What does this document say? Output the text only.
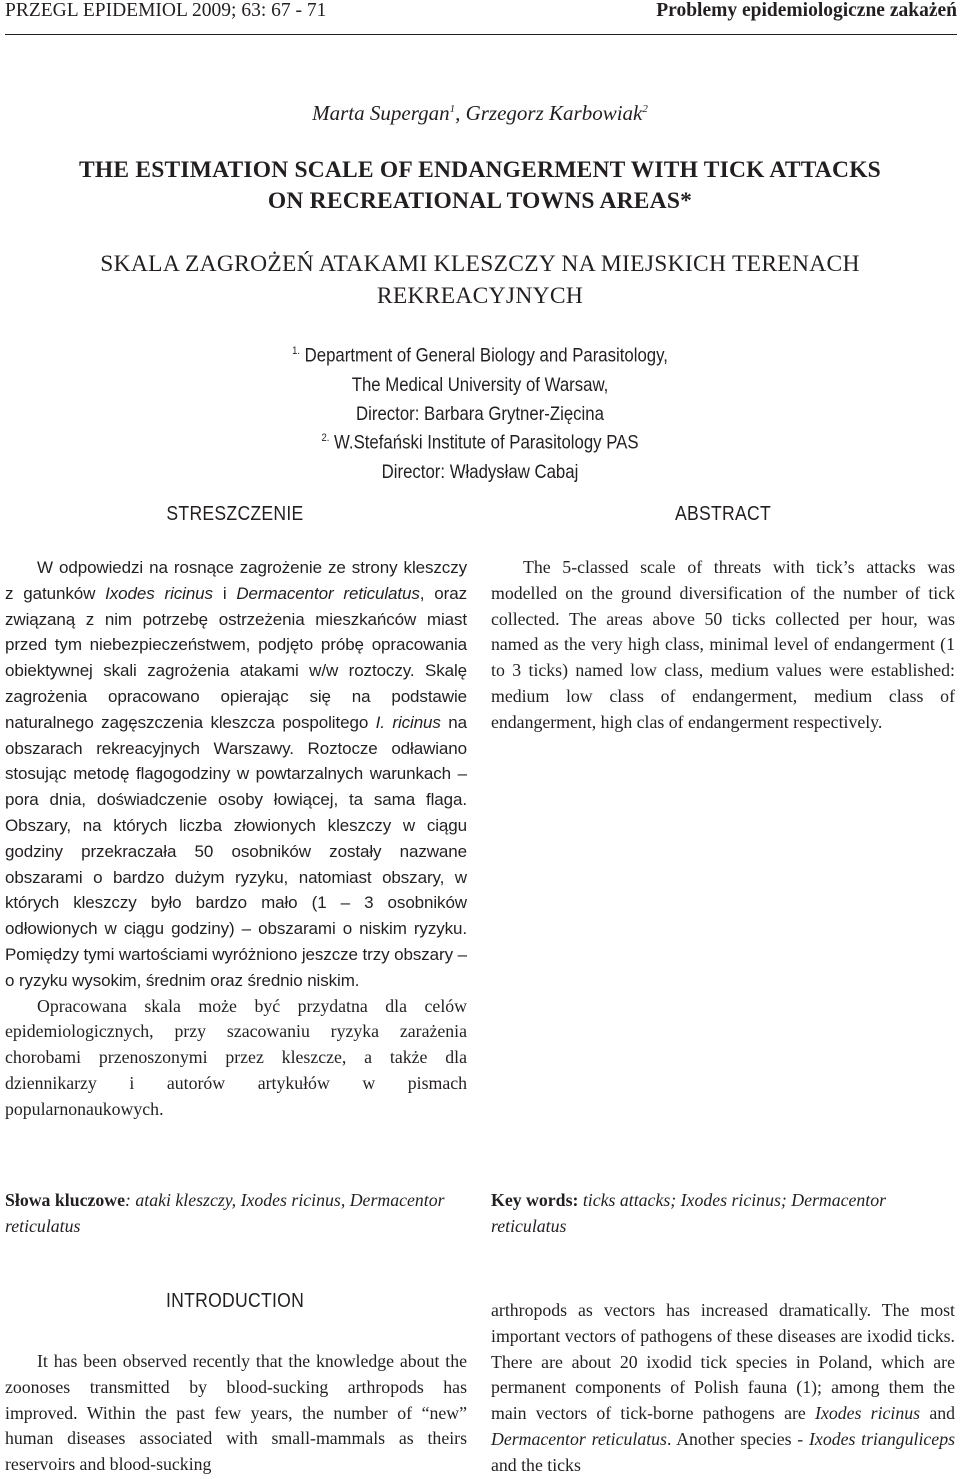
PRZEGL EPIDEMIOL 2009; 63: 67 - 71	Problemy epidemiologiczne zakażeń
Marta Supergan$^1$, Grzegorz Karbowiak$^2$
THE ESTIMATION SCALE OF ENDANGERMENT WITH TICK ATTACKS
ON RECREATIONAL TOWNS AREAS*
SKALA ZAGROŻEŃ ATAKAMI KLESZCZY NA MIEJSKICH TERENACH
REKREACYJNYCH
$^{1.}$ Department of General Biology and Parasitology,
The Medical University of Warsaw,
Director: Barbara Grytner-Zięcina
$^{2.}$ W.Stefański Institute of Parasitology PAS
Director: Władysław Cabaj
STRESZCZENIE	ABSTRACT

W odpowiedzi na rosnące zagrożenie ze strony kleszczy z gatunków Ixodes ricinus i Dermacentor reticulatus, oraz związaną z nim potrzebę ostrzeżenia mieszkańców miast przed tym niebezpieczeństwem, podjęto próbę opracowania obiektywnej skali zagrożenia atakami w/w roztoczy. Skalę zagrożenia opracowano opierając się na podstawie naturalnego zagęszczenia kleszcza pospolitego I. ricinus na obszarach rekreacyjnych Warszawy. Roztocze odławiano stosując metodę flagogodziny w powtarzalnych warunkach – pora dnia, doświadczenie osoby łowiącej, ta sama flaga. Obszary, na których liczba złowionych kleszczy w ciągu godziny przekraczała 50 osobników zostały nazwane obszarami o bardzo dużym ryzyku, natomiast obszary, w których kleszczy było bardzo mało (1 – 3 osobników odłowionych w ciągu godziny) – obszarami o niskim ryzyku. Pomiędzy tymi wartościami wyróżniono jeszcze trzy obszary – o ryzyku wysokim, średnim oraz średnio niskim.

Opracowana skala może być przydatna dla celów epidemiologicznych, przy szacowaniu ryzyka zarażenia chorobami przenoszonymi przez kleszcze, a także dla dziennikarzy i autorów artykułów w pismach popularnonaukowych.

Słowa kluczowe: ataki kleszczy, Ixodes ricinus, Dermacentor reticulatus

The 5-classed scale of threats with tick’s attacks was modelled on the ground diversification of the number of tick collected. The areas above 50 ticks collected per hour, was named as the very high class, minimal level of endangerment (1 to 3 ticks) named low class, medium values were established: medium low class of endangerment, medium class of endangerment, high clas of endangerment respectively.

Key words: ticks attacks; Ixodes ricinus; Dermacentor reticulatus
INTRODUCTION

It has been observed recently that the knowledge about the zoonoses transmitted by blood-sucking arthropods has improved. Within the past few years, the number of “new” human diseases associated with small-mammals as theirs reservoirs and blood-sucking

arthropods as vectors has increased dramatically. The most important vectors of pathogens of these diseases are ixodid ticks. There are about 20 ixodid tick species in Poland, which are permanent components of Polish fauna (1); among them the main vectors of tick-borne pathogens are Ixodes ricinus and Dermacentor reticulatus. Another species - Ixodes trianguliceps and the ticks
